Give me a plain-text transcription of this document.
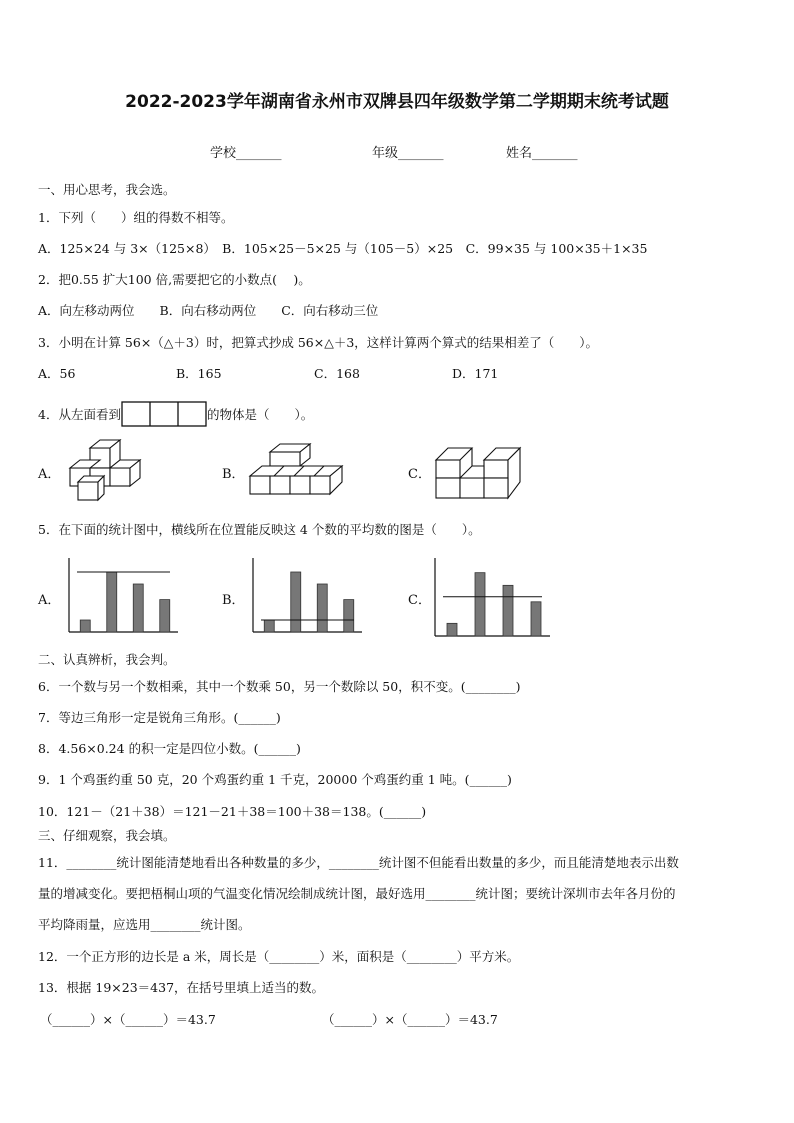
2022-2023学年湖南省永州市双牌县四年级数学第二学期期末统考试题
学校_______	年级_______	姓名_______
一、用心思考，我会选。
1．下列（　　）组的得数不相等。
A．125×24 与 3×（125×8）　B．105×25－5×25 与（105－5）×25　C．99×35 与 100×35＋1×35
2．把0.55 扩大100 倍,需要把它的小数点(　 )。
A．向左移动两位　　B．向右移动两位　　C．向右移动三位
3．小明在计算 56×（△＋3）时，把算式抄成 56×△＋3，这样计算两个算式的结果相差了（　　）。
A．56	B．165	C．168	D．171
4．从左面看到	的物体是（　　）。
A．	B．	C．
5．在下面的统计图中，横线所在位置能反映这 4 个数的平均数的图是（　　）。
A．	B．	C．
二、认真辨析，我会判。
6．一个数与另一个数相乘，其中一个数乘 50，另一个数除以 50，积不变。(________)
7．等边三角形一定是锐角三角形。(______)
8．4.56×0.24 的积一定是四位小数。(______)
9．1 个鸡蛋约重 50 克，20 个鸡蛋约重 1 千克，20000 个鸡蛋约重 1 吨。(______)
10．121－（21＋38）＝121－21＋38＝100＋38＝138。(______)
三、仔细观察，我会填。
11．________统计图能清楚地看出各种数量的多少，________统计图不但能看出数量的多少，而且能清楚地表示出数
量的增减变化。要把梧桐山项的气温变化情况绘制成统计图，最好选用________统计图；要统计深圳市去年各月份的
平均降雨量，应选用________统计图。
12．一个正方形的边长是 a 米，周长是（________）米，面积是（________）平方米。
13．根据 19×23＝437，在括号里填上适当的数。
（______）×（______）＝43.7	（______）×（______）＝43.7
